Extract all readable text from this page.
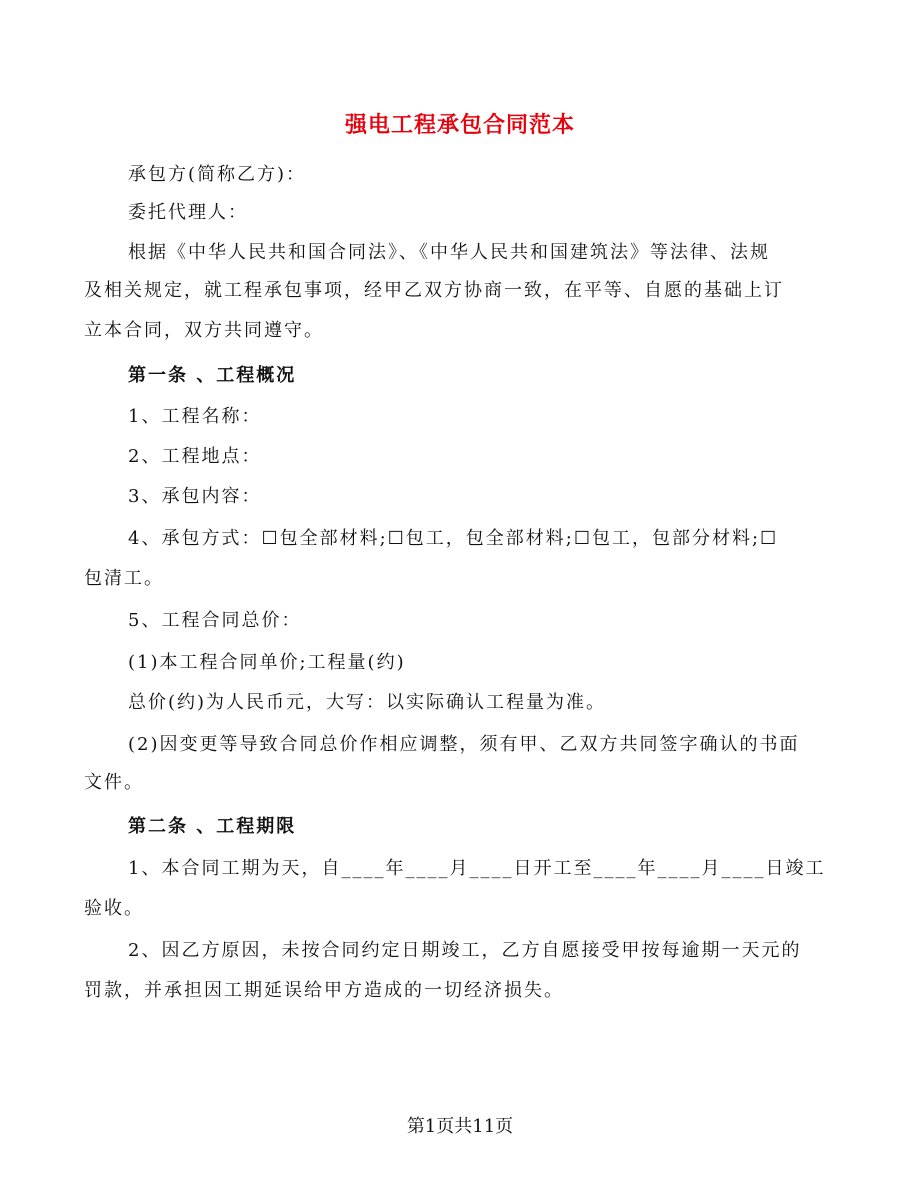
强电工程承包合同范本
承包方(简称乙方)：
委托代理人：
根据《中华人民共和国合同法》、《中华人民共和国建筑法》等法律、法规
及相关规定，就工程承包事项，经甲乙双方协商一致，在平等、自愿的基础上订
立本合同，双方共同遵守。
第一条 、工程概况
1、工程名称：
2、工程地点：
3、承包内容：
4、承包方式：☐包全部材料;☐包工，包全部材料;☐包工，包部分材料;☐
包清工。
5、工程合同总价：
(1)本工程合同单价;工程量(约)
总价(约)为人民币元，大写：以实际确认工程量为准。
(2)因变更等导致合同总价作相应调整，须有甲、乙双方共同签字确认的书面
文件。
第二条 、工程期限
1、本合同工期为天，自____年____月____日开工至____年____月____日竣工
验收。
2、因乙方原因，未按合同约定日期竣工，乙方自愿接受甲按每逾期一天元的
罚款，并承担因工期延误给甲方造成的一切经济损失。
第1页共11页
